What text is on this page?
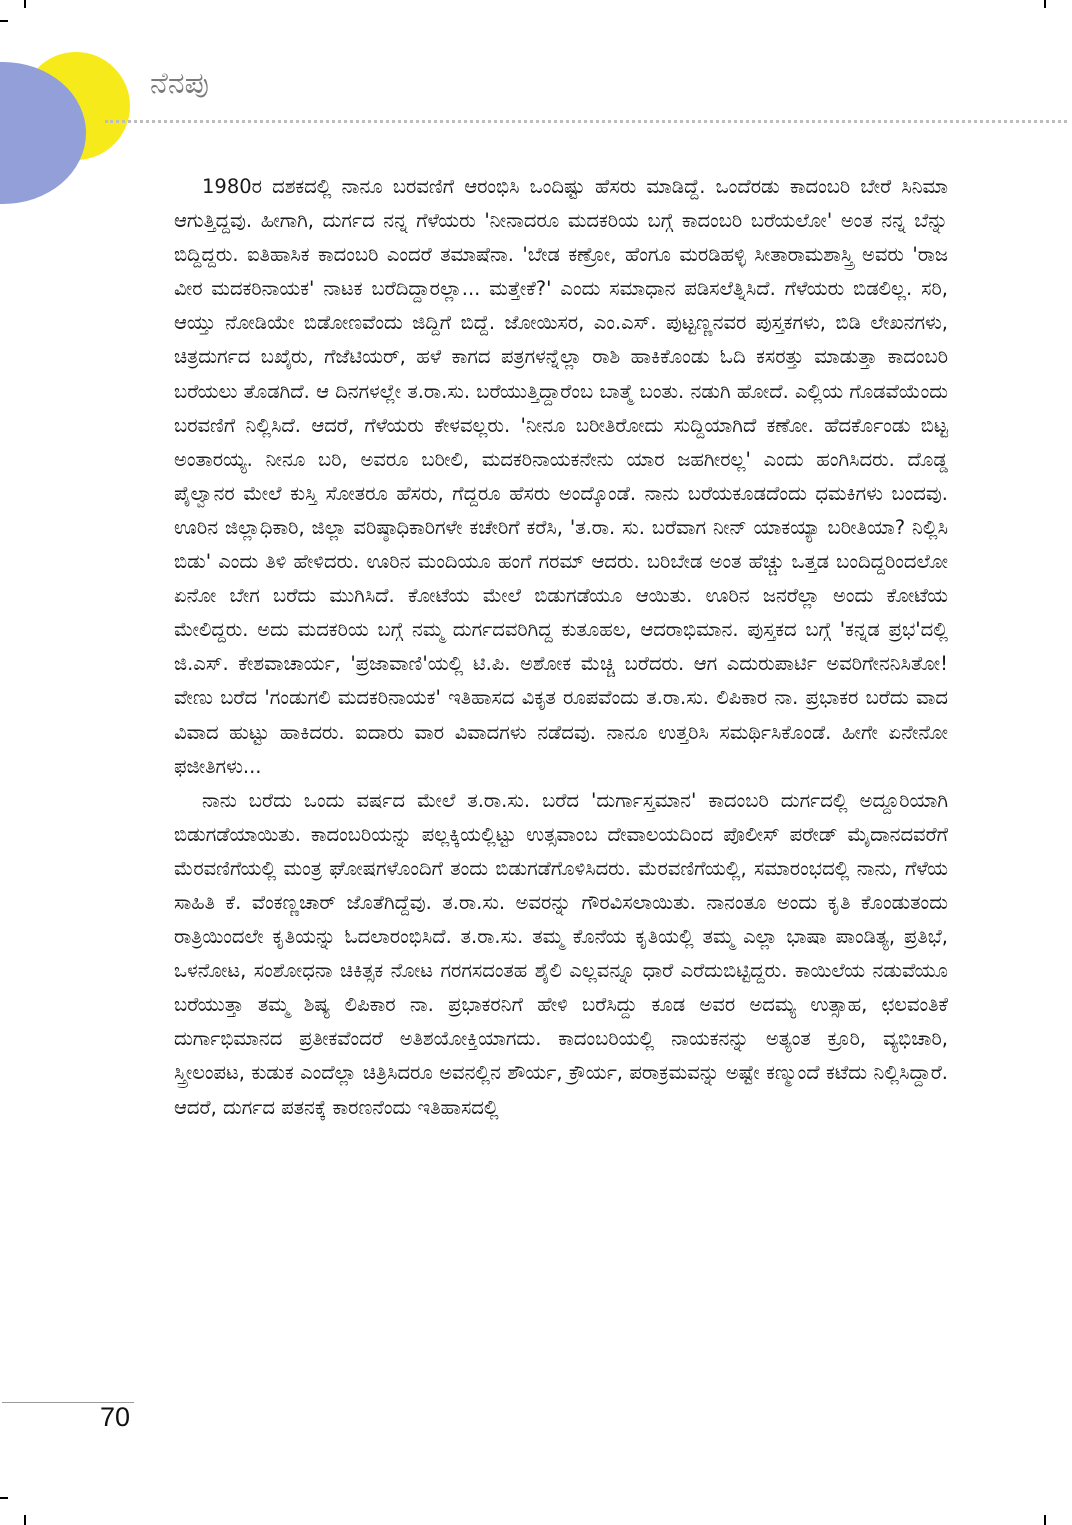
ನೆನಪು

1980ರ ದಶಕದಲ್ಲಿ ನಾನೂ ಬರವಣಿಗೆ ಆರಂಭಿಸಿ ಒಂದಿಷ್ಟು ಹೆಸರು ಮಾಡಿದ್ದೆ. ಒಂದೆರಡು ಕಾದಂಬರಿ ಬೇರೆ ಸಿನಿಮಾ ಆಗುತ್ತಿದ್ದವು. ಹೀಗಾಗಿ, ದುರ್ಗದ ನನ್ನ ಗೆಳೆಯರು 'ನೀನಾದರೂ ಮದಕರಿಯ ಬಗ್ಗೆ ಕಾದಂಬರಿ ಬರೆಯಲೋ' ಅಂತ ನನ್ನ ಬೆನ್ನು ಬಿದ್ದಿದ್ದರು. ಐತಿಹಾಸಿಕ ಕಾದಂಬರಿ ಎಂದರೆ ತಮಾಷೆನಾ. 'ಬೇಡ ಕಣ್ರೋ, ಹೆಂಗೂ ಮರಡಿಹಳ್ಳಿ ಸೀತಾರಾಮಶಾಸ್ತ್ರಿ ಅವರು 'ರಾಜ ವೀರ ಮದಕರಿನಾಯಕ' ನಾಟಕ ಬರೆದಿದ್ದಾರಲ್ಲಾ... ಮತ್ತೇಕೆ?' ಎಂದು ಸಮಾಧಾನ ಪಡಿಸಲೆತ್ನಿಸಿದೆ. ಗೆಳೆಯರು ಬಿಡಲಿಲ್ಲ. ಸರಿ, ಆಯ್ತು ನೋಡಿಯೇ ಬಿಡೋಣವೆಂದು ಜಿದ್ದಿಗೆ ಬಿದ್ದೆ. ಜೋಯಿಸರ, ಎಂ.ಎಸ್. ಪುಟ್ಟಣ್ಣನವರ ಪುಸ್ತಕಗಳು, ಬಿಡಿ ಲೇಖನಗಳು, ಚಿತ್ರದುರ್ಗದ ಬಖೈರು, ಗೆಜೆಟಿಯರ್, ಹಳೆ ಕಾಗದ ಪತ್ರಗಳನ್ನೆಲ್ಲಾ ರಾಶಿ ಹಾಕಿಕೊಂಡು ಓದಿ ಕಸರತ್ತು ಮಾಡುತ್ತಾ ಕಾದಂಬರಿ ಬರೆಯಲು ತೊಡಗಿದೆ. ಆ ದಿನಗಳಲ್ಲೇ ತ.ರಾ.ಸು. ಬರೆಯುತ್ತಿದ್ದಾರೆಂಬ ಬಾತ್ಮೆ ಬಂತು. ನಡುಗಿ ಹೋದೆ. ಎಲ್ಲಿಯ ಗೊಡವೆಯೆಂದು ಬರವಣಿಗೆ ನಿಲ್ಲಿಸಿದೆ. ಆದರೆ, ಗೆಳೆಯರು ಕೇಳವಲ್ಲರು. 'ನೀನೂ ಬರೀತಿರೋದು ಸುದ್ದಿಯಾಗಿದೆ ಕಣೋ. ಹೆದರ್ಕೊಂಡು ಬಿಟ್ಟ ಅಂತಾರಯ್ಯ. ನೀನೂ ಬರಿ, ಅವರೂ ಬರೀಲಿ, ಮದಕರಿನಾಯಕನೇನು ಯಾರ ಜಹಗೀರಲ್ಲ' ಎಂದು ಹಂಗಿಸಿದರು. ದೊಡ್ಡ ಪೈಲ್ವಾನರ ಮೇಲೆ ಕುಸ್ತಿ ಸೋತರೂ ಹೆಸರು, ಗೆದ್ದರೂ ಹೆಸರು ಅಂದ್ಕೊಂಡೆ. ನಾನು ಬರೆಯಕೂಡದೆಂದು ಧಮಕಿಗಳು ಬಂದವು. ಊರಿನ ಜಿಲ್ಲಾಧಿಕಾರಿ, ಜಿಲ್ಲಾ ವರಿಷ್ಠಾಧಿಕಾರಿಗಳೇ ಕಚೇರಿಗೆ ಕರೆಸಿ, 'ತ.ರಾ. ಸು. ಬರೆವಾಗ ನೀನ್ ಯಾಕಯ್ಯಾ ಬರೀತಿಯಾ? ನಿಲ್ಲಿಸಿ ಬಿಡು' ಎಂದು ತಿಳಿ ಹೇಳಿದರು. ಊರಿನ ಮಂದಿಯೂ ಹಂಗೆ ಗರಮ್ ಆದರು. ಬರಿಬೇಡ ಅಂತ ಹೆಚ್ಚು ಒತ್ತಡ ಬಂದಿದ್ದರಿಂದಲೋ ಏನೋ ಬೇಗ ಬರೆದು ಮುಗಿಸಿದೆ. ಕೋಟೆಯ ಮೇಲೆ ಬಿಡುಗಡೆಯೂ ಆಯಿತು. ಊರಿನ ಜನರೆಲ್ಲಾ ಅಂದು ಕೋಟೆಯ ಮೇಲಿದ್ದರು. ಅದು ಮದಕರಿಯ ಬಗ್ಗೆ ನಮ್ಮ ದುರ್ಗದವರಿಗಿದ್ದ ಕುತೂಹಲ, ಆದರಾಭಿಮಾನ. ಪುಸ್ತಕದ ಬಗ್ಗೆ 'ಕನ್ನಡ ಪ್ರಭ'ದಲ್ಲಿ ಜಿ.ಎಸ್. ಕೇಶವಾಚಾರ್ಯ, 'ಪ್ರಜಾವಾಣಿ'ಯಲ್ಲಿ ಟಿ.ಪಿ. ಅಶೋಕ ಮೆಚ್ಚಿ ಬರೆದರು. ಆಗ ಎದುರುಪಾರ್ಟಿ ಅವರಿಗೇನನಿಸಿತೋ! ವೇಣು ಬರೆದ 'ಗಂಡುಗಲಿ ಮದಕರಿನಾಯಕ' ಇತಿಹಾಸದ ವಿಕೃತ ರೂಪವೆಂದು ತ.ರಾ.ಸು. ಲಿಪಿಕಾರ ನಾ. ಪ್ರಭಾಕರ ಬರೆದು ವಾದ ವಿವಾದ ಹುಟ್ಟು ಹಾಕಿದರು. ಐದಾರು ವಾರ ವಿವಾದಗಳು ನಡೆದವು. ನಾನೂ ಉತ್ತರಿಸಿ ಸಮರ್ಥಿಸಿಕೊಂಡೆ. ಹೀಗೇ ಏನೇನೋ ಫಜೀತಿಗಳು...

ನಾನು ಬರೆದು ಒಂದು ವರ್ಷದ ಮೇಲೆ ತ.ರಾ.ಸು. ಬರೆದ 'ದುರ್ಗಾಸ್ತಮಾನ' ಕಾದಂಬರಿ ದುರ್ಗದಲ್ಲಿ ಅದ್ದೂರಿಯಾಗಿ ಬಿಡುಗಡೆಯಾಯಿತು. ಕಾದಂಬರಿಯನ್ನು ಪಲ್ಲಕ್ಕಿಯಲ್ಲಿಟ್ಟು ಉತ್ಸವಾಂಬ ದೇವಾಲಯದಿಂದ ಪೊಲೀಸ್ ಪರೇಡ್ ಮೈದಾನದವರೆಗೆ ಮೆರವಣಿಗೆಯಲ್ಲಿ ಮಂತ್ರ ಘೋಷಗಳೊಂದಿಗೆ ತಂದು ಬಿಡುಗಡೆಗೊಳಿಸಿದರು. ಮೆರವಣಿಗೆಯಲ್ಲಿ, ಸಮಾರಂಭದಲ್ಲಿ ನಾನು, ಗೆಳೆಯ ಸಾಹಿತಿ ಕೆ. ವೆಂಕಣ್ಣಚಾರ್ ಜೊತೆಗಿದ್ದೆವು. ತ.ರಾ.ಸು. ಅವರನ್ನು ಗೌರವಿಸಲಾಯಿತು. ನಾನಂತೂ ಅಂದು ಕೃತಿ ಕೊಂಡುತಂದು ರಾತ್ರಿಯಿಂದಲೇ ಕೃತಿಯನ್ನು ಓದಲಾರಂಭಿಸಿದೆ. ತ.ರಾ.ಸು. ತಮ್ಮ ಕೊನೆಯ ಕೃತಿಯಲ್ಲಿ ತಮ್ಮ ಎಲ್ಲಾ ಭಾಷಾ ಪಾಂಡಿತ್ಯ, ಪ್ರತಿಭೆ, ಒಳನೋಟ, ಸಂಶೋಧನಾ ಚಿಕಿತ್ಸಕ ನೋಟ ಗರಗಸದಂತಹ ಶೈಲಿ ಎಲ್ಲವನ್ನೂ ಧಾರೆ ಎರೆದುಬಿಟ್ಟಿದ್ದರು. ಕಾಯಿಲೆಯ ನಡುವೆಯೂ ಬರೆಯುತ್ತಾ ತಮ್ಮ ಶಿಷ್ಯ ಲಿಪಿಕಾರ ನಾ. ಪ್ರಭಾಕರನಿಗೆ ಹೇಳಿ ಬರೆಸಿದ್ದು ಕೂಡ ಅವರ ಅದಮ್ಯ ಉತ್ಸಾಹ, ಛಲವಂತಿಕೆ ದುರ್ಗಾಭಿಮಾನದ ಪ್ರತೀಕವೆಂದರೆ ಅತಿಶಯೋಕ್ತಿಯಾಗದು. ಕಾದಂಬರಿಯಲ್ಲಿ ನಾಯಕನನ್ನು ಅತ್ಯಂತ ಕ್ರೂರಿ, ವ್ಯಭಿಚಾರಿ, ಸ್ತ್ರೀಲಂಪಟ, ಕುಡುಕ ಎಂದೆಲ್ಲಾ ಚಿತ್ರಿಸಿದರೂ ಅವನಲ್ಲಿನ ಶೌರ್ಯ, ಕ್ರೌರ್ಯ, ಪರಾಕ್ರಮವನ್ನು ಅಷ್ಟೇ ಕಣ್ಮುಂದೆ ಕಟೆದು ನಿಲ್ಲಿಸಿದ್ದಾರೆ. ಆದರೆ, ದುರ್ಗದ ಪತನಕ್ಕೆ ಕಾರಣನೆಂದು ಇತಿಹಾಸದಲ್ಲಿ

70
